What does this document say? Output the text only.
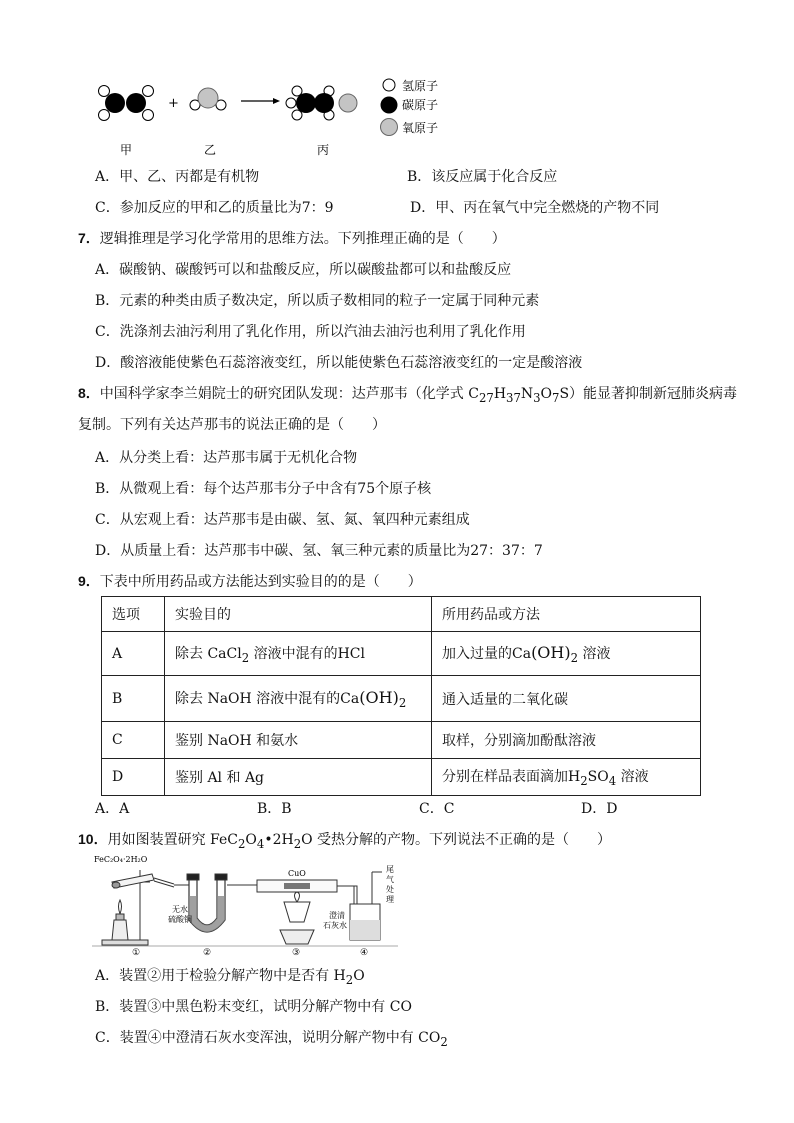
+
甲	乙	丙
氢原子
碳原子
氧原子
A．甲、乙、丙都是有机物	B．该反应属于化合反应
C．参加反应的甲和乙的质量比为7：9	D．甲、丙在氧气中完全燃烧的产物不同
7．逻辑推理是学习化学常用的思维方法。下列推理正确的是（　　）
A．碳酸钠、碳酸钙可以和盐酸反应，所以碳酸盐都可以和盐酸反应
B．元素的种类由质子数决定，所以质子数相同的粒子一定属于同种元素
C．洗涤剂去油污利用了乳化作用，所以汽油去油污也利用了乳化作用
D．酸溶液能使紫色石蕊溶液变红，所以能使紫色石蕊溶液变红的一定是酸溶液
8．中国科学家李兰娟院士的研究团队发现：达芦那韦（化学式 $C_{27}H_{37}N_3O_7S$）能显著抑制新冠肺炎病毒
复制。下列有关达芦那韦的说法正确的是（　　）
A．从分类上看：达芦那韦属于无机化合物
B．从微观上看：每个达芦那韦分子中含有75个原子核
C．从宏观上看：达芦那韦是由碳、氢、氮、氧四种元素组成
D．从质量上看：达芦那韦中碳、氢、氧三种元素的质量比为27：37：7
9．下表中所用药品或方法能达到实验目的的是（　　）
选项	实验目的	所用药品或方法
A	除去 CaCl$_2$ 溶液中混有的HCl	加入过量的$Ca(OH)_2$ 溶液
B	除去 NaOH 溶液中混有的$Ca(OH)_2$	通入适量的二氧化碳
C	鉴别 NaOH 和氨水	取样，分别滴加酚酞溶液
D	鉴别 Al 和 Ag	分别在样品表面滴加$H_2SO_4$ 溶液
A．A	B．B	C．C	D．D
10．用如图装置研究 $FeC_2O_4•2H_2O$ 受热分解的产物。下列说法不正确的是（　　）
FeC₂O₄·2H₂O
无水
硫酸铜
CuO
澄清
石灰水
尾
气
处
理
①	②	③	④
A．装置②用于检验分解产物中是否有 $H_2O$
B．装置③中黑色粉末变红，试明分解产物中有 CO
C．装置④中澄清石灰水变浑浊，说明分解产物中有 $CO_2$
